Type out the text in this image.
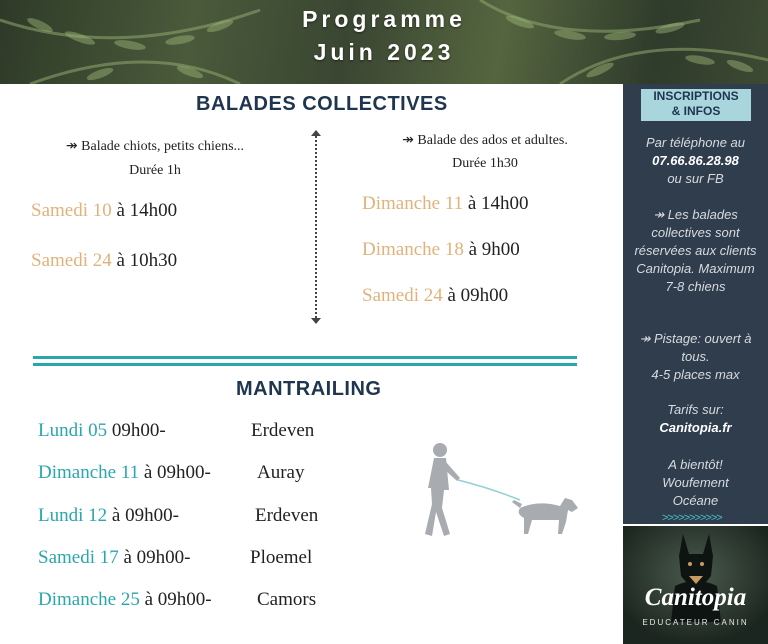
Programme
Juin 2023
BALADES COLLECTIVES
↠ Balade chiots, petits chiens...
Durée 1h
Samedi 10 à 14h00
Samedi 24 à 10h30
↠ Balade des ados et adultes.
Durée 1h30
Dimanche 11 à 14h00
Dimanche 18 à 9h00
Samedi 24 à 09h00
MANTRAILING
Lundi 05 09h00-	Erdeven
Dimanche 11 à 09h00- Auray
Lundi 12 à 09h00-	Erdeven
Samedi 17 à 09h00-	Ploemel
Dimanche 25 à 09h00- Camors
INSCRIPTIONS
& INFOS
Par téléphone au
07.66.86.28.98
ou sur FB
↠ Les balades collectives sont réservées aux clients Canitopia. Maximum 7-8 chiens
↠ Pistage: ouvert à tous.
4-5 places max
Tarifs sur:
Canitopia.fr
A bientôt!
Woufement
Océane
>>>>>>>>>>>
Canitopia
EDUCATEUR CANIN
